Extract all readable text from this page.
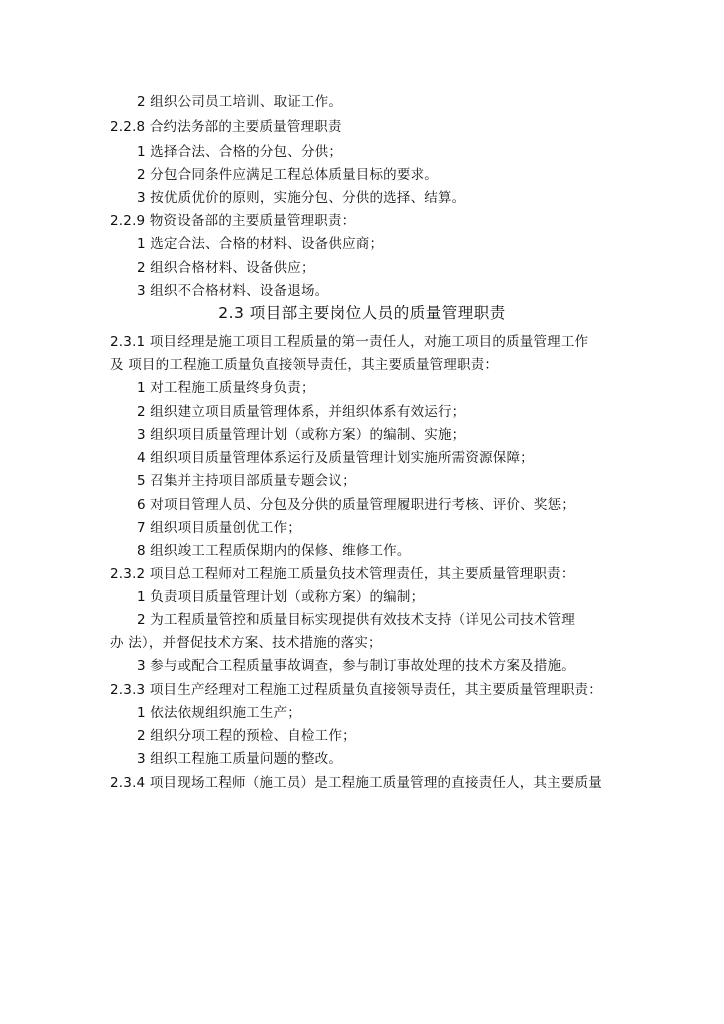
2 组织公司员工培训、取证工作。
2.2.8 合约法务部的主要质量管理职责
1 选择合法、合格的分包、分供；
2 分包合同条件应满足工程总体质量目标的要求。
3 按优质优价的原则，实施分包、分供的选择、结算。
2.2.9 物资设备部的主要质量管理职责：
1 选定合法、合格的材料、设备供应商；
2 组织合格材料、设备供应；
3 组织不合格材料、设备退场。
2.3 项目部主要岗位人员的质量管理职责
2.3.1 项目经理是施工项目工程质量的第一责任人，对施工项目的质量管理工作
及 项目的工程施工质量负直接领导责任，其主要质量管理职责：
1 对工程施工质量终身负责；
2 组织建立项目质量管理体系，并组织体系有效运行；
3 组织项目质量管理计划（或称方案）的编制、实施；
4 组织项目质量管理体系运行及质量管理计划实施所需资源保障；
5 召集并主持项目部质量专题会议；
6 对项目管理人员、分包及分供的质量管理履职进行考核、评价、奖惩；
7 组织项目质量创优工作；
8 组织竣工工程质保期内的保修、维修工作。
2.3.2 项目总工程师对工程施工质量负技术管理责任，其主要质量管理职责：
1 负责项目质量管理计划（或称方案）的编制；
2 为工程质量管控和质量目标实现提供有效技术支持（详见公司技术管理
办 法），并督促技术方案、技术措施的落实；
3 参与或配合工程质量事故调查，参与制订事故处理的技术方案及措施。
2.3.3 项目生产经理对工程施工过程质量负直接领导责任，其主要质量管理职责：
1 依法依规组织施工生产；
2 组织分项工程的预检、自检工作；
3 组织工程施工质量问题的整改。
2.3.4 项目现场工程师（施工员）是工程施工质量管理的直接责任人，其主要质量
